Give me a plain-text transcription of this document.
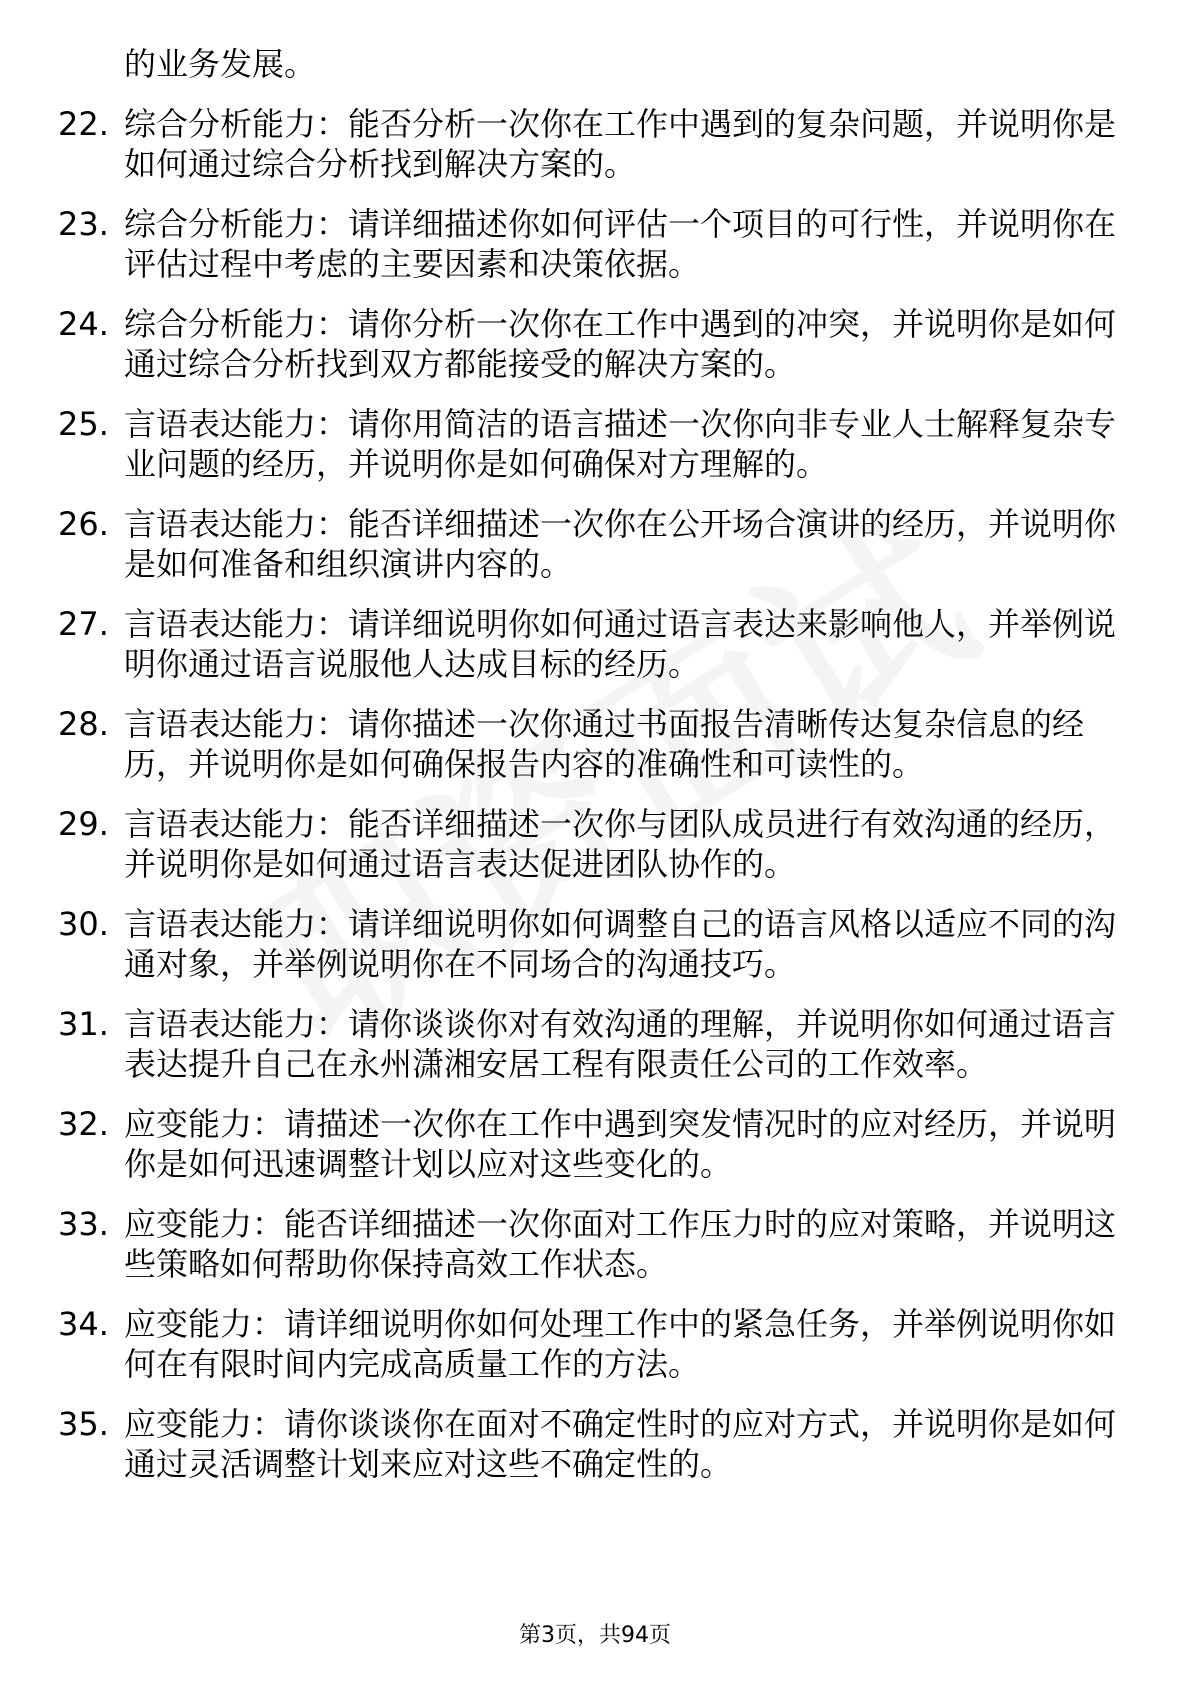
的业务发展。
22. 综合分析能力：能否分析一次你在工作中遇到的复杂问题，并说明你是如何通过综合分析找到解决方案的。
23. 综合分析能力：请详细描述你如何评估一个项目的可行性，并说明你在评估过程中考虑的主要因素和决策依据。
24. 综合分析能力：请你分析一次你在工作中遇到的冲突，并说明你是如何通过综合分析找到双方都能接受的解决方案的。
25. 言语表达能力：请你用简洁的语言描述一次你向非专业人士解释复杂专业问题的经历，并说明你是如何确保对方理解的。
26. 言语表达能力：能否详细描述一次你在公开场合演讲的经历，并说明你是如何准备和组织演讲内容的。
27. 言语表达能力：请详细说明你如何通过语言表达来影响他人，并举例说明你通过语言说服他人达成目标的经历。
28. 言语表达能力：请你描述一次你通过书面报告清晰传达复杂信息的经历，并说明你是如何确保报告内容的准确性和可读性的。
29. 言语表达能力：能否详细描述一次你与团队成员进行有效沟通的经历，并说明你是如何通过语言表达促进团队协作的。
30. 言语表达能力：请详细说明你如何调整自己的语言风格以适应不同的沟通对象，并举例说明你在不同场合的沟通技巧。
31. 言语表达能力：请你谈谈你对有效沟通的理解，并说明你如何通过语言表达提升自己在永州潇湘安居工程有限责任公司的工作效率。
32. 应变能力：请描述一次你在工作中遇到突发情况时的应对经历，并说明你是如何迅速调整计划以应对这些变化的。
33. 应变能力：能否详细描述一次你面对工作压力时的应对策略，并说明这些策略如何帮助你保持高效工作状态。
34. 应变能力：请详细说明你如何处理工作中的紧急任务，并举例说明你如何在有限时间内完成高质量工作的方法。
35. 应变能力：请你谈谈你在面对不确定性时的应对方式，并说明你是如何通过灵活调整计划来应对这些不确定性的。
第3页，共94页
